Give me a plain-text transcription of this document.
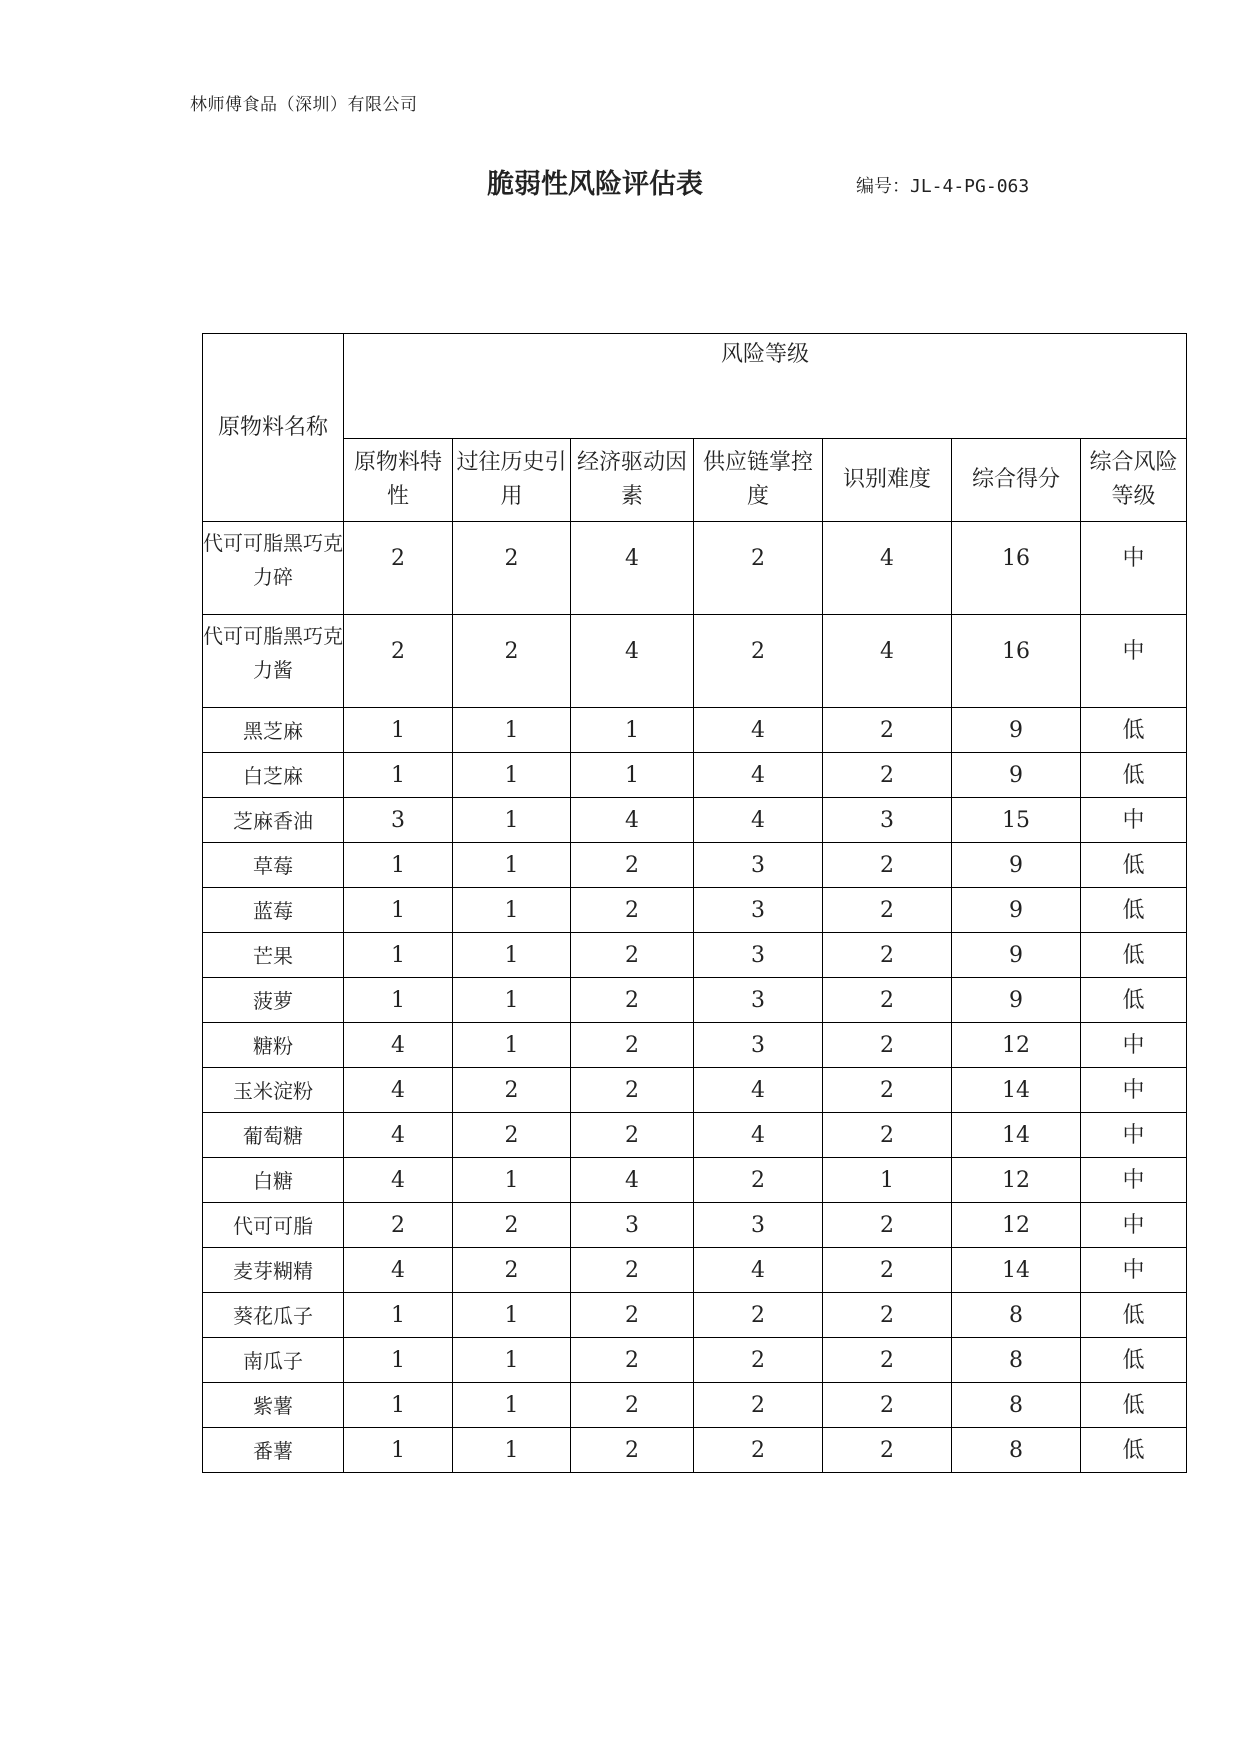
林师傅食品（深圳）有限公司
脆弱性风险评估表	编号：JL-4-PG-063
原物料名称	风险等级						
	原物料特性	过往历史引用	经济驱动因素	供应链掌控度	识别难度	综合得分	综合风险等级
代可可脂黑巧克力碎	2	2	4	2	4	16	中
代可可脂黑巧克力酱	2	2	4	2	4	16	中
黑芝麻	1	1	1	4	2	9	低
白芝麻	1	1	1	4	2	9	低
芝麻香油	3	1	4	4	3	15	中
草莓	1	1	2	3	2	9	低
蓝莓	1	1	2	3	2	9	低
芒果	1	1	2	3	2	9	低
菠萝	1	1	2	3	2	9	低
糖粉	4	1	2	3	2	12	中
玉米淀粉	4	2	2	4	2	14	中
葡萄糖	4	2	2	4	2	14	中
白糖	4	1	4	2	1	12	中
代可可脂	2	2	3	3	2	12	中
麦芽糊精	4	2	2	4	2	14	中
葵花瓜子	1	1	2	2	2	8	低
南瓜子	1	1	2	2	2	8	低
紫薯	1	1	2	2	2	8	低
番薯	1	1	2	2	2	8	低
